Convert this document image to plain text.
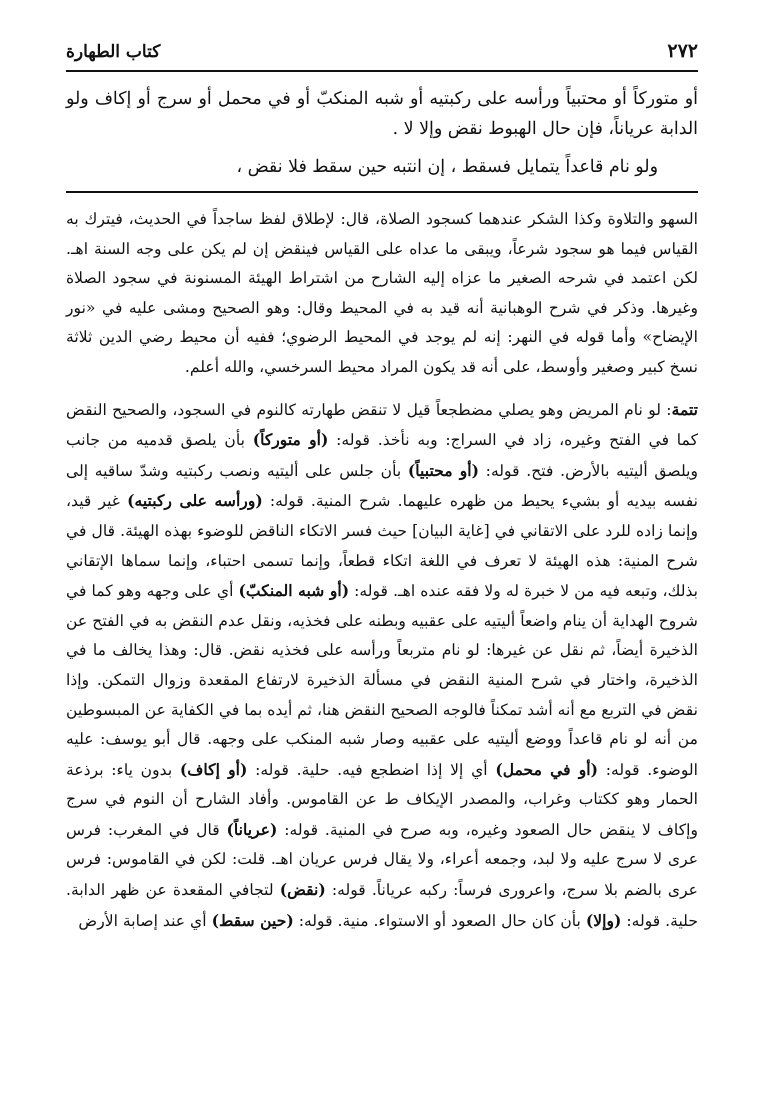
٢٧٢
كتاب الطهارة

أو متوركاً أو محتبياً ورأسه على ركبتيه أو شبه المنكبّ أو في محمل أو سرج أو إكاف ولو الدابة عرياناً، فإن حال الهبوط نقض وإلا لا .

ولو نام قاعداً يتمايل فسقط ، إن انتبه حين سقط فلا نقض ،

السهو والتلاوة وكذا الشكر عندهما كسجود الصلاة، قال: لإطلاق لفظ ساجداً في الحديث، فيترك به القياس فيما هو سجود شرعاً، ويبقى ما عداه على القياس فينقض إن لم يكن على وجه السنة اهـ. لكن اعتمد في شرحه الصغير ما عزاه إليه الشارح من اشتراط الهيئة المسنونة في سجود الصلاة وغيرها. وذكر في شرح الوهبانية أنه قيد به في المحيط وقال: وهو الصحيح ومشى عليه في «نور الإيضاح» وأما قوله في النهر: إنه لم يوجد في المحيط الرضوي؛ ففيه أن محيط رضي الدين ثلاثة نسخ كبير وصغير وأوسط، على أنه قد يكون المراد محيط السرخسي، والله أعلم.

تتمة: لو نام المريض وهو يصلي مضطجعاً قيل لا تنقض طهارته كالنوم في السجود، والصحيح النقض كما في الفتح وغيره، زاد في السراج: وبه نأخذ. قوله: (أو متوركاً) بأن يلصق قدميه من جانب ويلصق أليتيه بالأرض. فتح. قوله: (أو محتبياً) بأن جلس على أليتيه ونصب ركبتيه وشدّ ساقيه إلى نفسه بيديه أو بشيء يحيط من ظهره عليهما. شرح المنية. قوله: (ورأسه على ركبتيه) غير قيد، وإنما زاده للرد على الاتقاني في [غاية البيان] حيث فسر الاتكاء الناقض للوضوء بهذه الهيئة. قال في شرح المنية: هذه الهيئة لا تعرف في اللغة اتكاء قطعاً، وإنما تسمى احتباء، وإنما سماها الإتقاني بذلك، وتبعه فيه من لا خبرة له ولا فقه عنده اهـ. قوله: (أو شبه المنكبّ) أي على وجهه وهو كما في شروح الهداية أن ينام واضعاً أليتيه على عقبيه وبطنه على فخذيه، ونقل عدم النقض به في الفتح عن الذخيرة أيضاً، ثم نقل عن غيرها: لو نام متربعاً ورأسه على فخذيه نقض. قال: وهذا يخالف ما في الذخيرة، واختار في شرح المنية النقض في مسألة الذخيرة لارتفاع المقعدة وزوال التمكن. وإذا نقض في التربع مع أنه أشد تمكناً فالوجه الصحيح النقض هنا، ثم أيده بما في الكفاية عن المبسوطين من أنه لو نام قاعداً ووضع أليتيه على عقبيه وصار شبه المنكب على وجهه. قال أبو يوسف: عليه الوضوء. قوله: (أو في محمل) أي إلا إذا اضطجع فيه. حلية. قوله: (أو إكاف) بدون ياء: برذعة الحمار وهو ككتاب وغراب، والمصدر الإيكاف ط عن القاموس. وأفاد الشارح أن النوم في سرج وإكاف لا ينقض حال الصعود وغيره، وبه صرح في المنية. قوله: (عرياناً) قال في المغرب: فرس عرى لا سرج عليه ولا لبد، وجمعه أعراء، ولا يقال فرس عريان اهـ. قلت: لكن في القاموس: فرس عرى بالضم بلا سرج، واعرورى فرساً: ركبه عرياناً. قوله: (نقض) لتجافي المقعدة عن ظهر الدابة. حلية. قوله: (وإلا) بأن كان حال الصعود أو الاستواء. منية. قوله: (حين سقط) أي عند إصابة الأرض
